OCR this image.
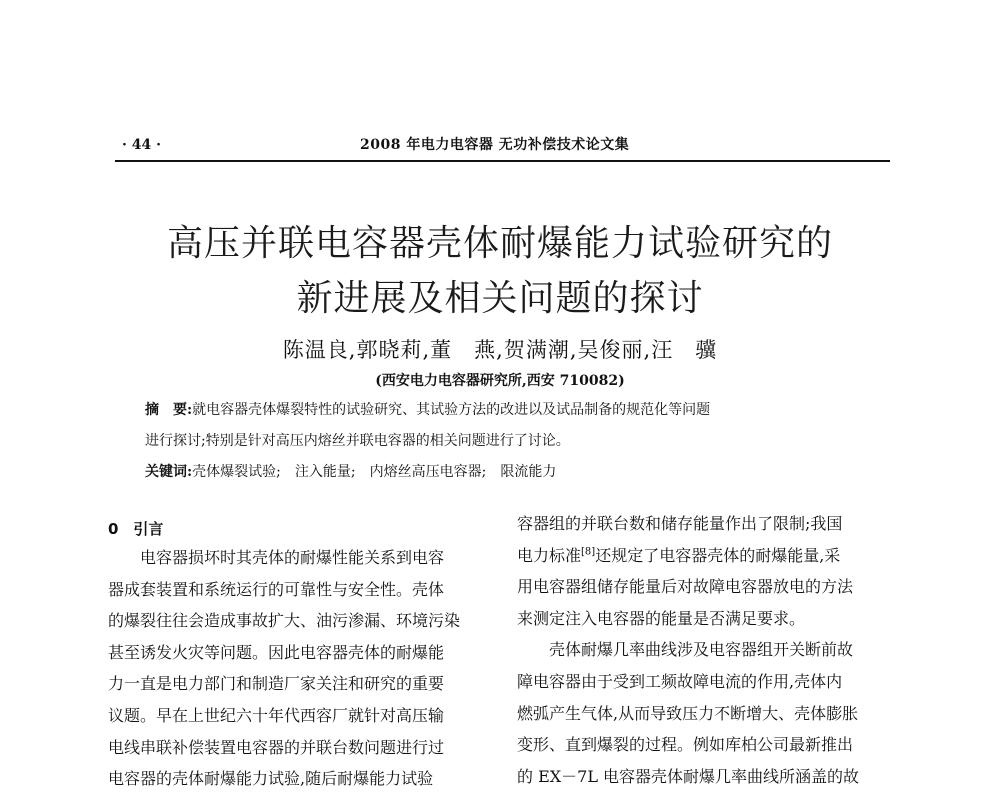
· 44 ·	2008 年电力电容器 无功补偿技术论文集
高压并联电容器壳体耐爆能力试验研究的
新进展及相关问题的探讨
陈温良,郭晓莉,董　燕,贺满潮,吴俊丽,汪　骥
(西安电力电容器研究所,西安 710082)
摘　要:就电容器壳体爆裂特性的试验研究、其试验方法的改进以及试品制备的规范化等问题
进行探讨;特别是针对高压内熔丝并联电容器的相关问题进行了讨论。
关键词:壳体爆裂试验;　注入能量;　内熔丝高压电容器;　限流能力
0　引言
电容器损坏时其壳体的耐爆性能关系到电容
器成套装置和系统运行的可靠性与安全性。壳体
的爆裂往往会造成事故扩大、油污渗漏、环境污染
甚至诱发火灾等问题。因此电容器壳体的耐爆能
力一直是电力部门和制造厂家关注和研究的重要
议题。早在上世纪六十年代西容厂就针对高压输
电线串联补偿装置电容器的并联台数问题进行过
电容器的壳体耐爆能力试验,随后耐爆能力试验
容器组的并联台数和储存能量作出了限制;我国
电力标准[8]还规定了电容器壳体的耐爆能量,采
用电容器组储存能量后对故障电容器放电的方法
来测定注入电容器的能量是否满足要求。
壳体耐爆几率曲线涉及电容器组开关断前故
障电容器由于受到工频故障电流的作用,壳体内
燃弧产生气体,从而导致压力不断增大、壳体膨胀
变形、直到爆裂的过程。例如库柏公司最新推出
的 EX－7L 电容器壳体耐爆几率曲线所涵盖的故
